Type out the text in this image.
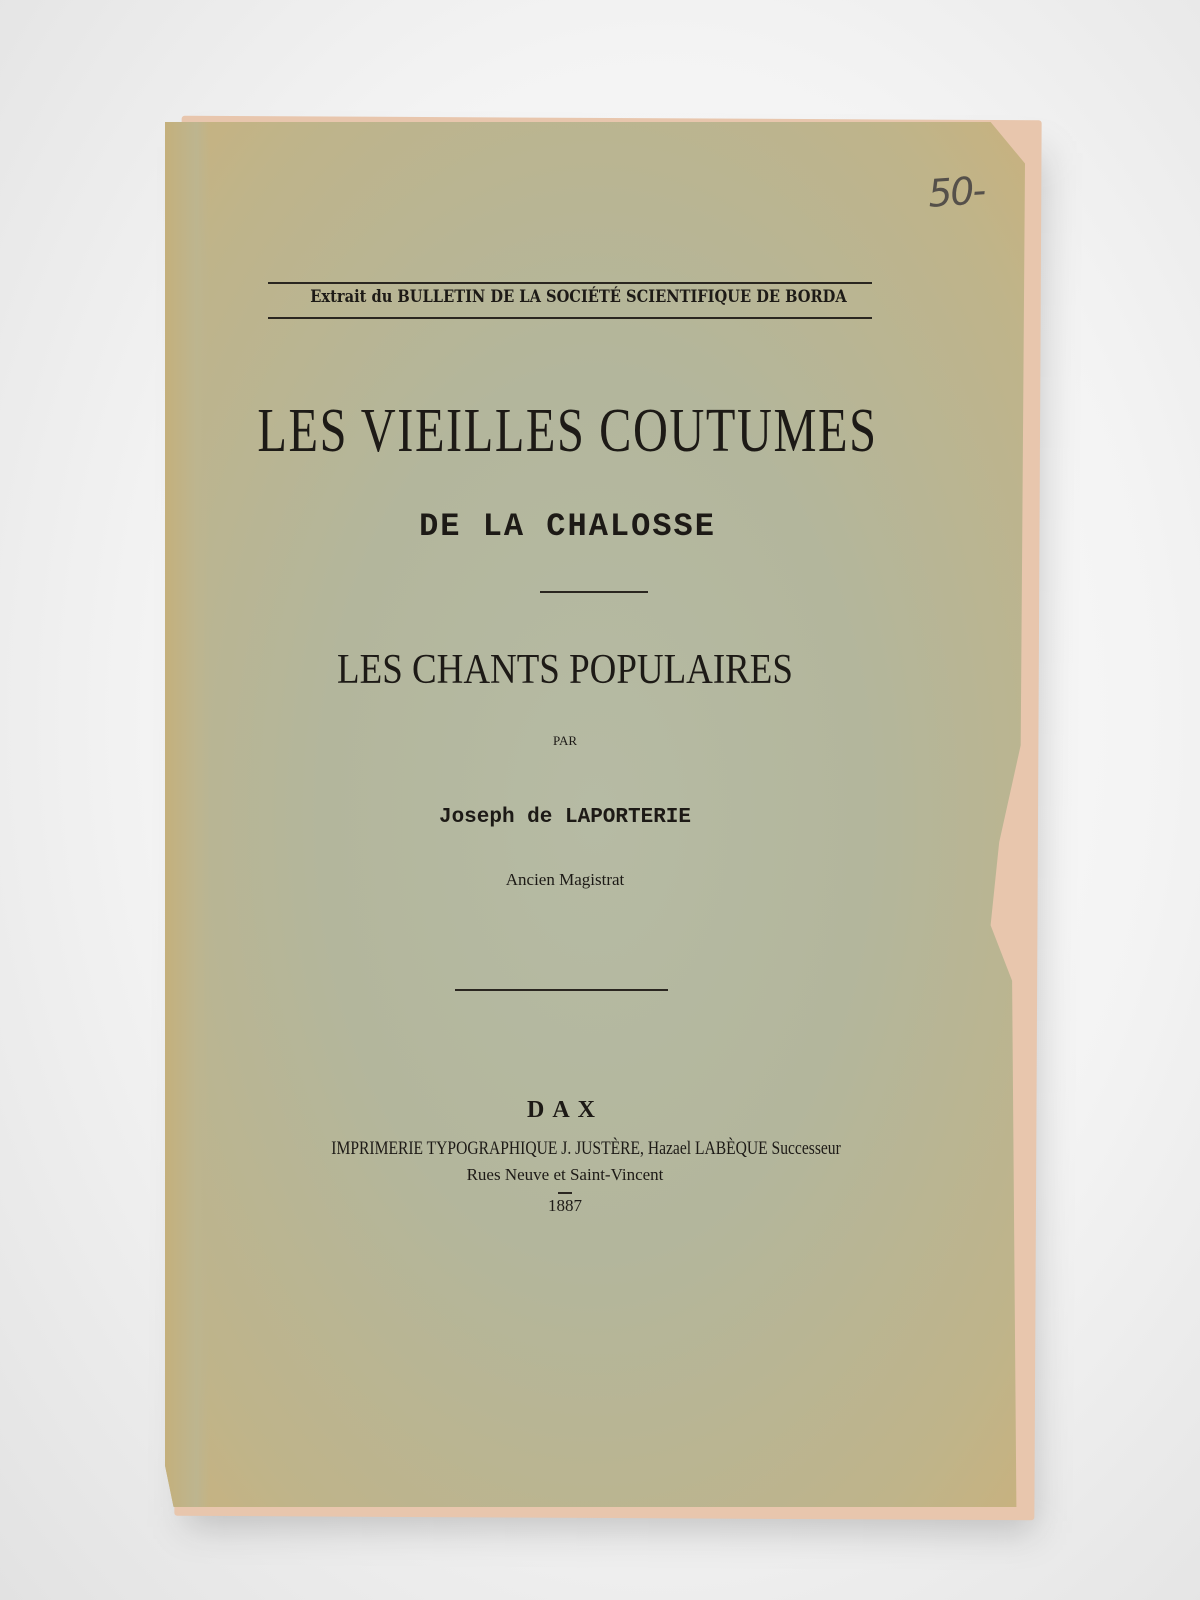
50-
Extrait du BULLETIN DE LA SOCIÉTÉ SCIENTIFIQUE DE BORDA
LES VIEILLES COUTUMES
DE LA CHALOSSE
LES CHANTS POPULAIRES
PAR
Joseph de LAPORTERIE
Ancien Magistrat
DAX
IMPRIMERIE TYPOGRAPHIQUE J. JUSTÈRE, Hazael LABÈQUE Successeur
Rues Neuve et Saint-Vincent
1887
